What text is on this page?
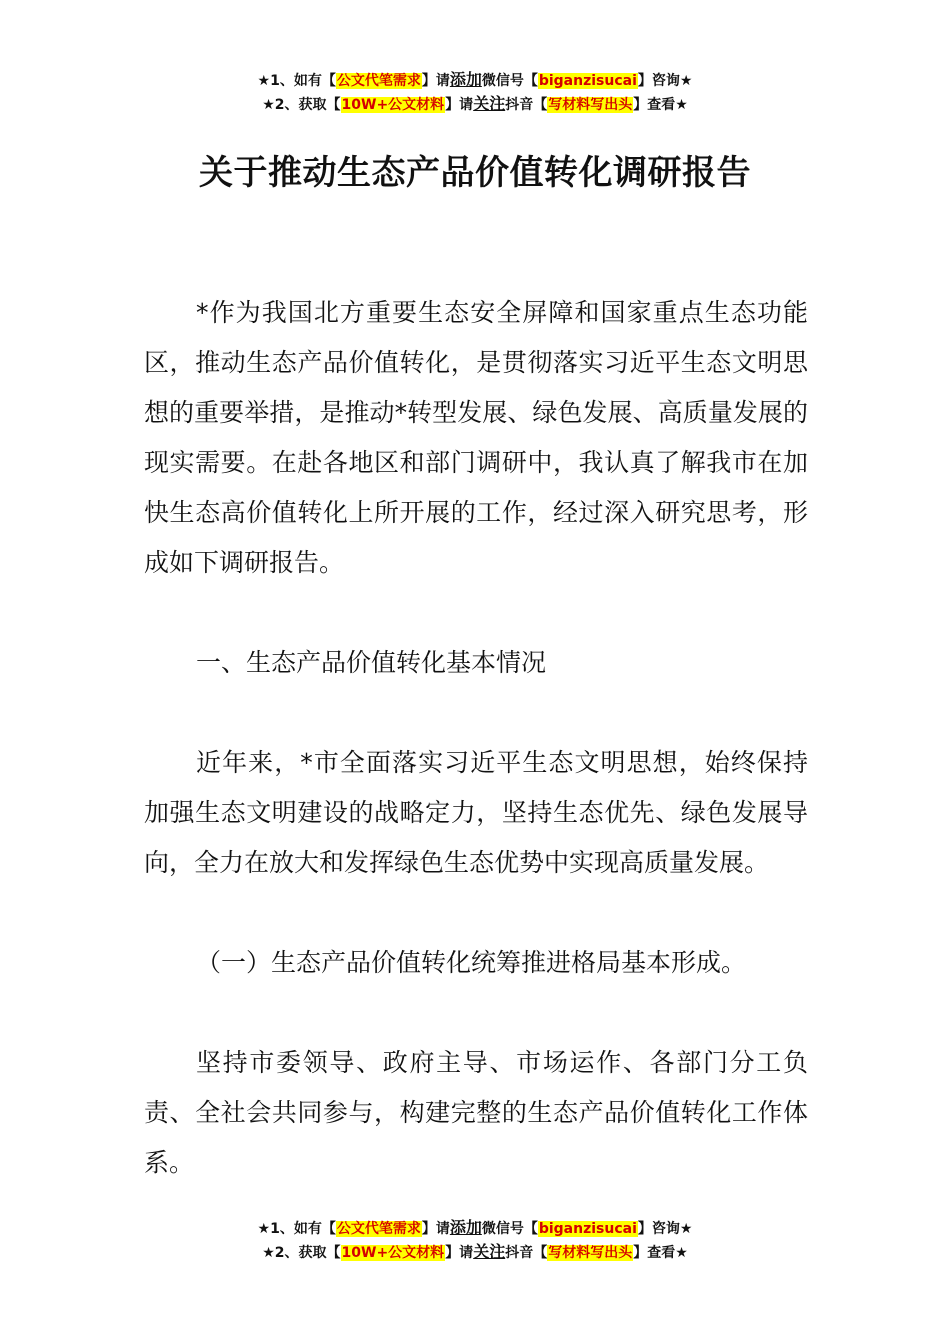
★1、如有【公文代笔需求】请添加微信号【biganzisucai】咨询★
★2、获取【10W+公文材料】请关注抖音【写材料写出头】查看★
关于推动生态产品价值转化调研报告

*作为我国北方重要生态安全屏障和国家重点生态功能区，推动生态产品价值转化，是贯彻落实习近平生态文明思想的重要举措，是推动*转型发展、绿色发展、高质量发展的现实需要。在赴各地区和部门调研中，我认真了解我市在加快生态高价值转化上所开展的工作，经过深入研究思考，形成如下调研报告。

一、生态产品价值转化基本情况

近年来，*市全面落实习近平生态文明思想，始终保持加强生态文明建设的战略定力，坚持生态优先、绿色发展导向，全力在放大和发挥绿色生态优势中实现高质量发展。

（一）生态产品价值转化统筹推进格局基本形成。

坚持市委领导、政府主导、市场运作、各部门分工负责、全社会共同参与，构建完整的生态产品价值转化工作体系。

★1、如有【公文代笔需求】请添加微信号【biganzisucai】咨询★
★2、获取【10W+公文材料】请关注抖音【写材料写出头】查看★
